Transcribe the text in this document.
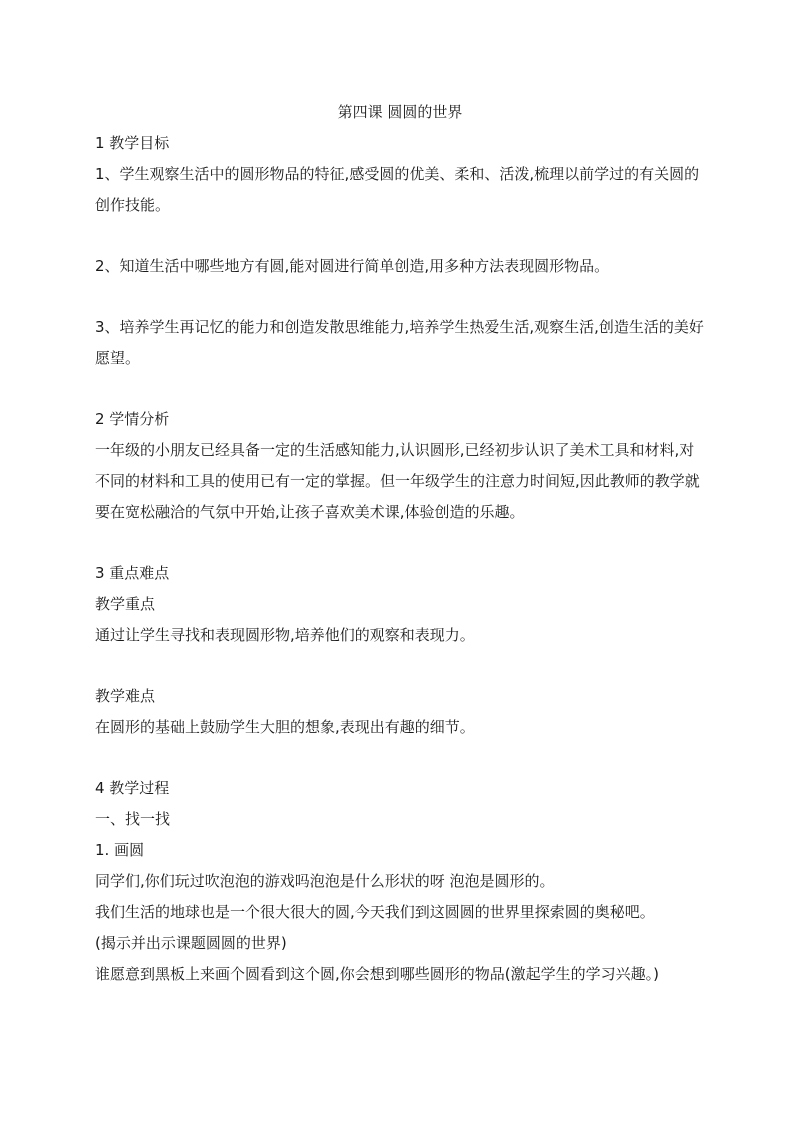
第四课 圆圆的世界

1 教学目标

1、学生观察生活中的圆形物品的特征,感受圆的优美、柔和、活泼,梳理以前学过的有关圆的创作技能。

2、知道生活中哪些地方有圆,能对圆进行简单创造,用多种方法表现圆形物品。

3、培养学生再记忆的能力和创造发散思维能力,培养学生热爱生活,观察生活,创造生活的美好愿望。

2 学情分析

一年级的小朋友已经具备一定的生活感知能力,认识圆形,已经初步认识了美术工具和材料,对不同的材料和工具的使用已有一定的掌握。但一年级学生的注意力时间短,因此教师的教学就要在宽松融洽的气氛中开始,让孩子喜欢美术课,体验创造的乐趣。

3 重点难点

教学重点

通过让学生寻找和表现圆形物,培养他们的观察和表现力。

教学难点

在圆形的基础上鼓励学生大胆的想象,表现出有趣的细节。

4 教学过程

一、找一找

1. 画圆

同学们,你们玩过吹泡泡的游戏吗泡泡是什么形状的呀 泡泡是圆形的。

我们生活的地球也是一个很大很大的圆,今天我们到这圆圆的世界里探索圆的奥秘吧。

(揭示并出示课题圆圆的世界)

谁愿意到黑板上来画个圆看到这个圆,你会想到哪些圆形的物品(激起学生的学习兴趣。)
